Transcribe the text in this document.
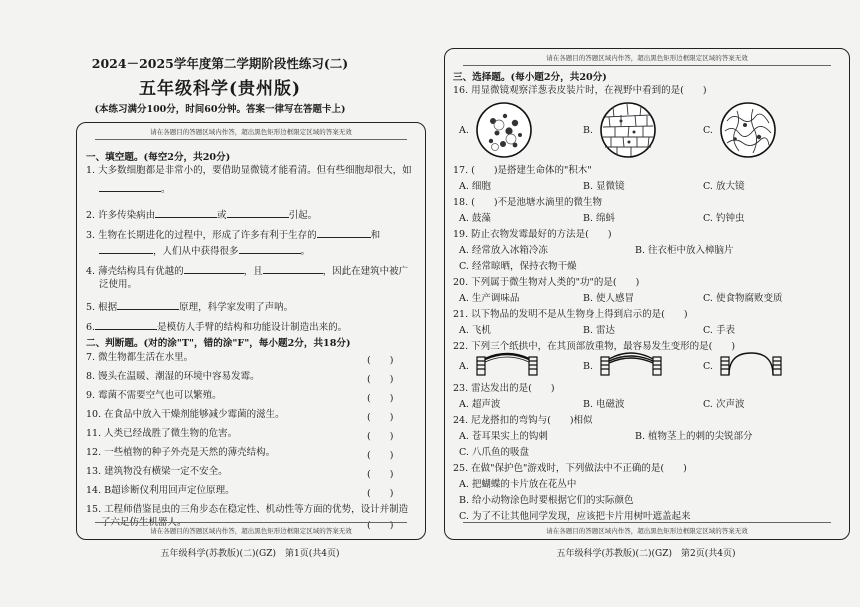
2024－2025学年度第二学期阶段性练习(二)
五年级科学(贵州版)
(本练习满分100分，时间60分钟。答案一律写在答题卡上)
请在各题目的答题区域内作答，超出黑色矩形边框限定区域的答案无效
一、填空题。(每空2分，共20分)
1. 大多数细胞都是非常小的，要借助显微镜才能看清。但有些细胞却很大，如
。
2. 许多传染病由	或	引起。
3. 生物在长期进化的过程中，形成了许多有利于生存的	和
，人们从中获得很多	。
4. 薄壳结构具有优越的	，且	，因此在建筑中被广
泛使用。
5. 根据	原理，科学家发明了声呐。
6.	是模仿人手臂的结构和功能设计制造出来的。
二、判断题。(对的涂"T"，错的涂"F"，每小题2分，共18分)
7. 微生物都生活在水里。	(　　)
8. 馒头在温暖、潮湿的环境中容易发霉。	(　　)
9. 霉菌不需要空气也可以繁殖。	(　　)
10. 在食品中放入干燥剂能够减少霉菌的滋生。	(　　)
11. 人类已经战胜了微生物的危害。	(　　)
12. 一些植物的种子外壳是天然的薄壳结构。	(　　)
13. 建筑物没有横梁一定不安全。	(　　)
14. B超诊断仪利用回声定位原理。	(　　)
15. 工程师借鉴昆虫的三角步态在稳定性、机动性等方面的优势，设计并制造
了六足仿生机器人。	(　　)
请在各题目的答题区域内作答，超出黑色矩形边框限定区域的答案无效
五年级科学(苏教版)(二)(GZ)　第1页(共4页)
请在各题目的答题区域内作答，超出黑色矩形边框限定区域的答案无效
三、选择题。(每小题2分，共20分)
16. 用显微镜观察洋葱表皮装片时，在视野中看到的是(　　)
A.	B.	C.
17. (　　)是搭建生命体的"积木"
A. 细胞	B. 显微镜	C. 放大镜
18. (　　)不是池塘水滴里的微生物
A. 鼓藻	B. 绵蚪	C. 钓钟虫
19. 防止衣物发霉最好的方法是(　　)
A. 经常放入冰箱冷冻	B. 往衣柜中放入樟脑片
C. 经常晾晒，保持衣物干燥
20. 下列属于微生物对人类的"功"的是(　　)
A. 生产调味品	B. 使人感冒	C. 使食物腐败变质
21. 以下物品的发明不是从生物身上得到启示的是(　　)
A. 飞机	B. 雷达	C. 手表
22. 下列三个纸拱中，在其顶部放重物，最容易发生变形的是(　　)
A.	B.	C.
23. 雷达发出的是(　　)
A. 超声波	B. 电磁波	C. 次声波
24. 尼龙搭扣的弯钩与(　　)相似
A. 苍耳果实上的钩刺	B. 植物茎上的刺的尖锐部分
C. 八爪鱼的吸盘
25. 在做"保护色"游戏时，下列做法中不正确的是(　　)
A. 把蝴蝶的卡片放在花丛中
B. 给小动物涂色时要根据它们的实际颜色
C. 为了不让其他同学发现，应该把卡片用树叶遮盖起来
请在各题目的答题区域内作答，超出黑色矩形边框限定区域的答案无效
五年级科学(苏教版)(二)(GZ)　第2页(共4页)
